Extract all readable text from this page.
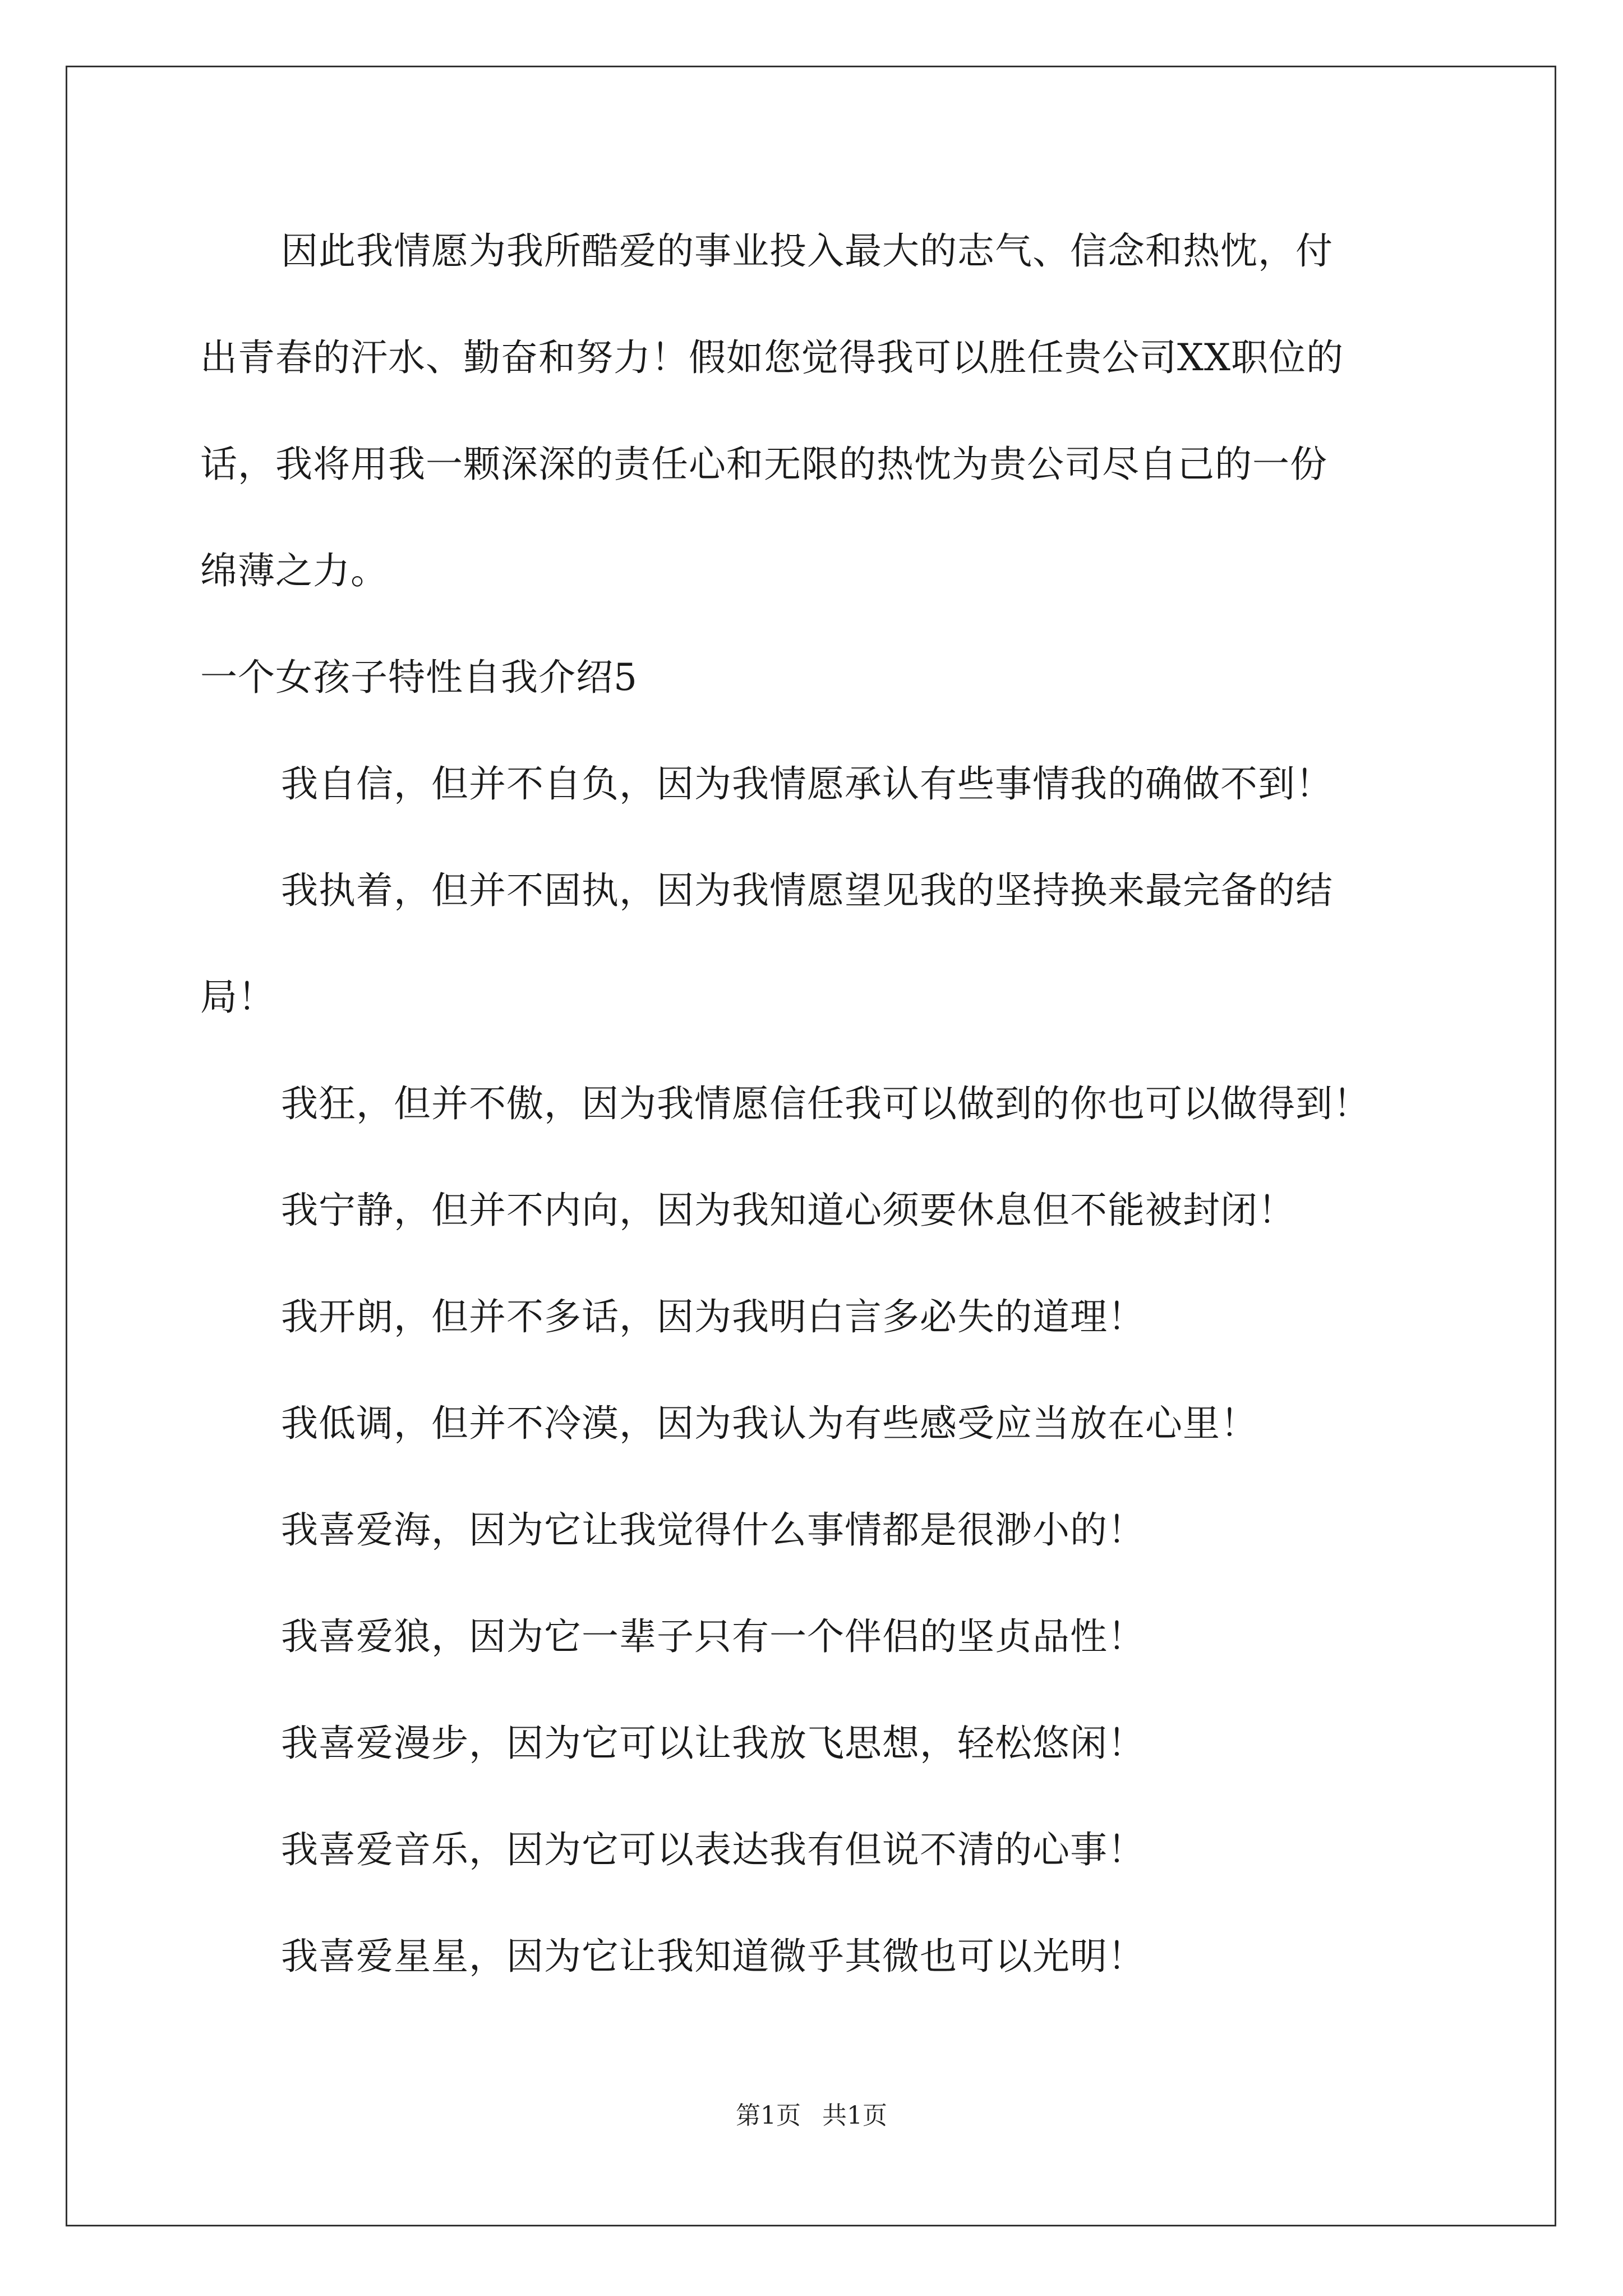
因此我情愿为我所酷爱的事业投入最大的志气、信念和热忱，付
出青春的汗水、勤奋和努力！假如您觉得我可以胜任贵公司XX职位的
话，我将用我一颗深深的责任心和无限的热忱为贵公司尽自己的一份
绵薄之力。
一个女孩子特性自我介绍5
我自信，但并不自负，因为我情愿承认有些事情我的确做不到！
我执着，但并不固执，因为我情愿望见我的坚持换来最完备的结
局！
我狂，但并不傲，因为我情愿信任我可以做到的你也可以做得到！
我宁静，但并不内向，因为我知道心须要休息但不能被封闭！
我开朗，但并不多话，因为我明白言多必失的道理！
我低调，但并不冷漠，因为我认为有些感受应当放在心里！
我喜爱海，因为它让我觉得什么事情都是很渺小的！
我喜爱狼，因为它一辈子只有一个伴侣的坚贞品性！
我喜爱漫步，因为它可以让我放飞思想，轻松悠闲！
我喜爱音乐，因为它可以表达我有但说不清的心事！
我喜爱星星，因为它让我知道微乎其微也可以光明！
第1页 共1页
